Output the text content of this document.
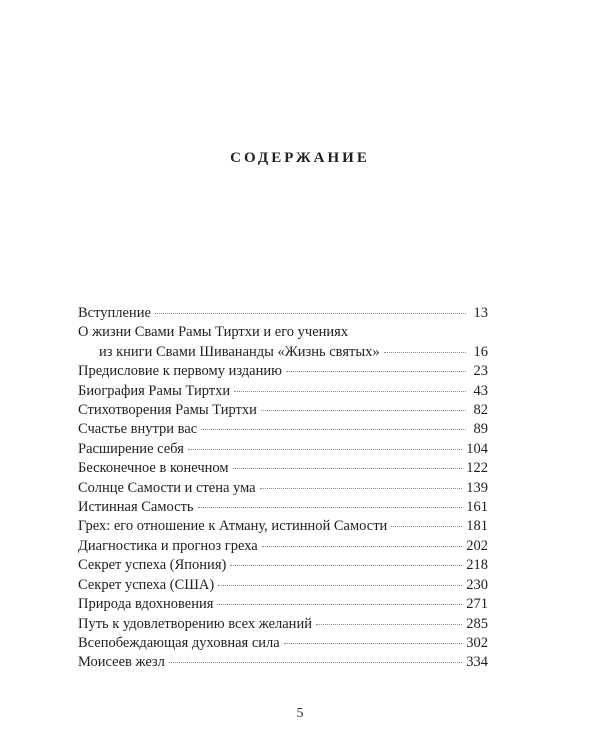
СОДЕРЖАНИЕ
Вступление	13
О жизни Свами Рамы Тиртхи и его учениях
из книги Свами Шивананды «Жизнь святых»	16
Предисловие к первому изданию	23
Биография Рамы Тиртхи	43
Стихотворения Рамы Тиртхи	82
Счастье внутри вас	89
Расширение себя	104
Бесконечное в конечном	122
Солнце Самости и стена ума	139
Истинная Самость	161
Грех: его отношение к Атману, истинной Самости	181
Диагностика и прогноз греха	202
Секрет успеха (Япония)	218
Секрет успеха (США)	230
Природа вдохновения	271
Путь к удовлетворению всех желаний	285
Всепобеждающая духовная сила	302
Моисеев жезл	334
5
